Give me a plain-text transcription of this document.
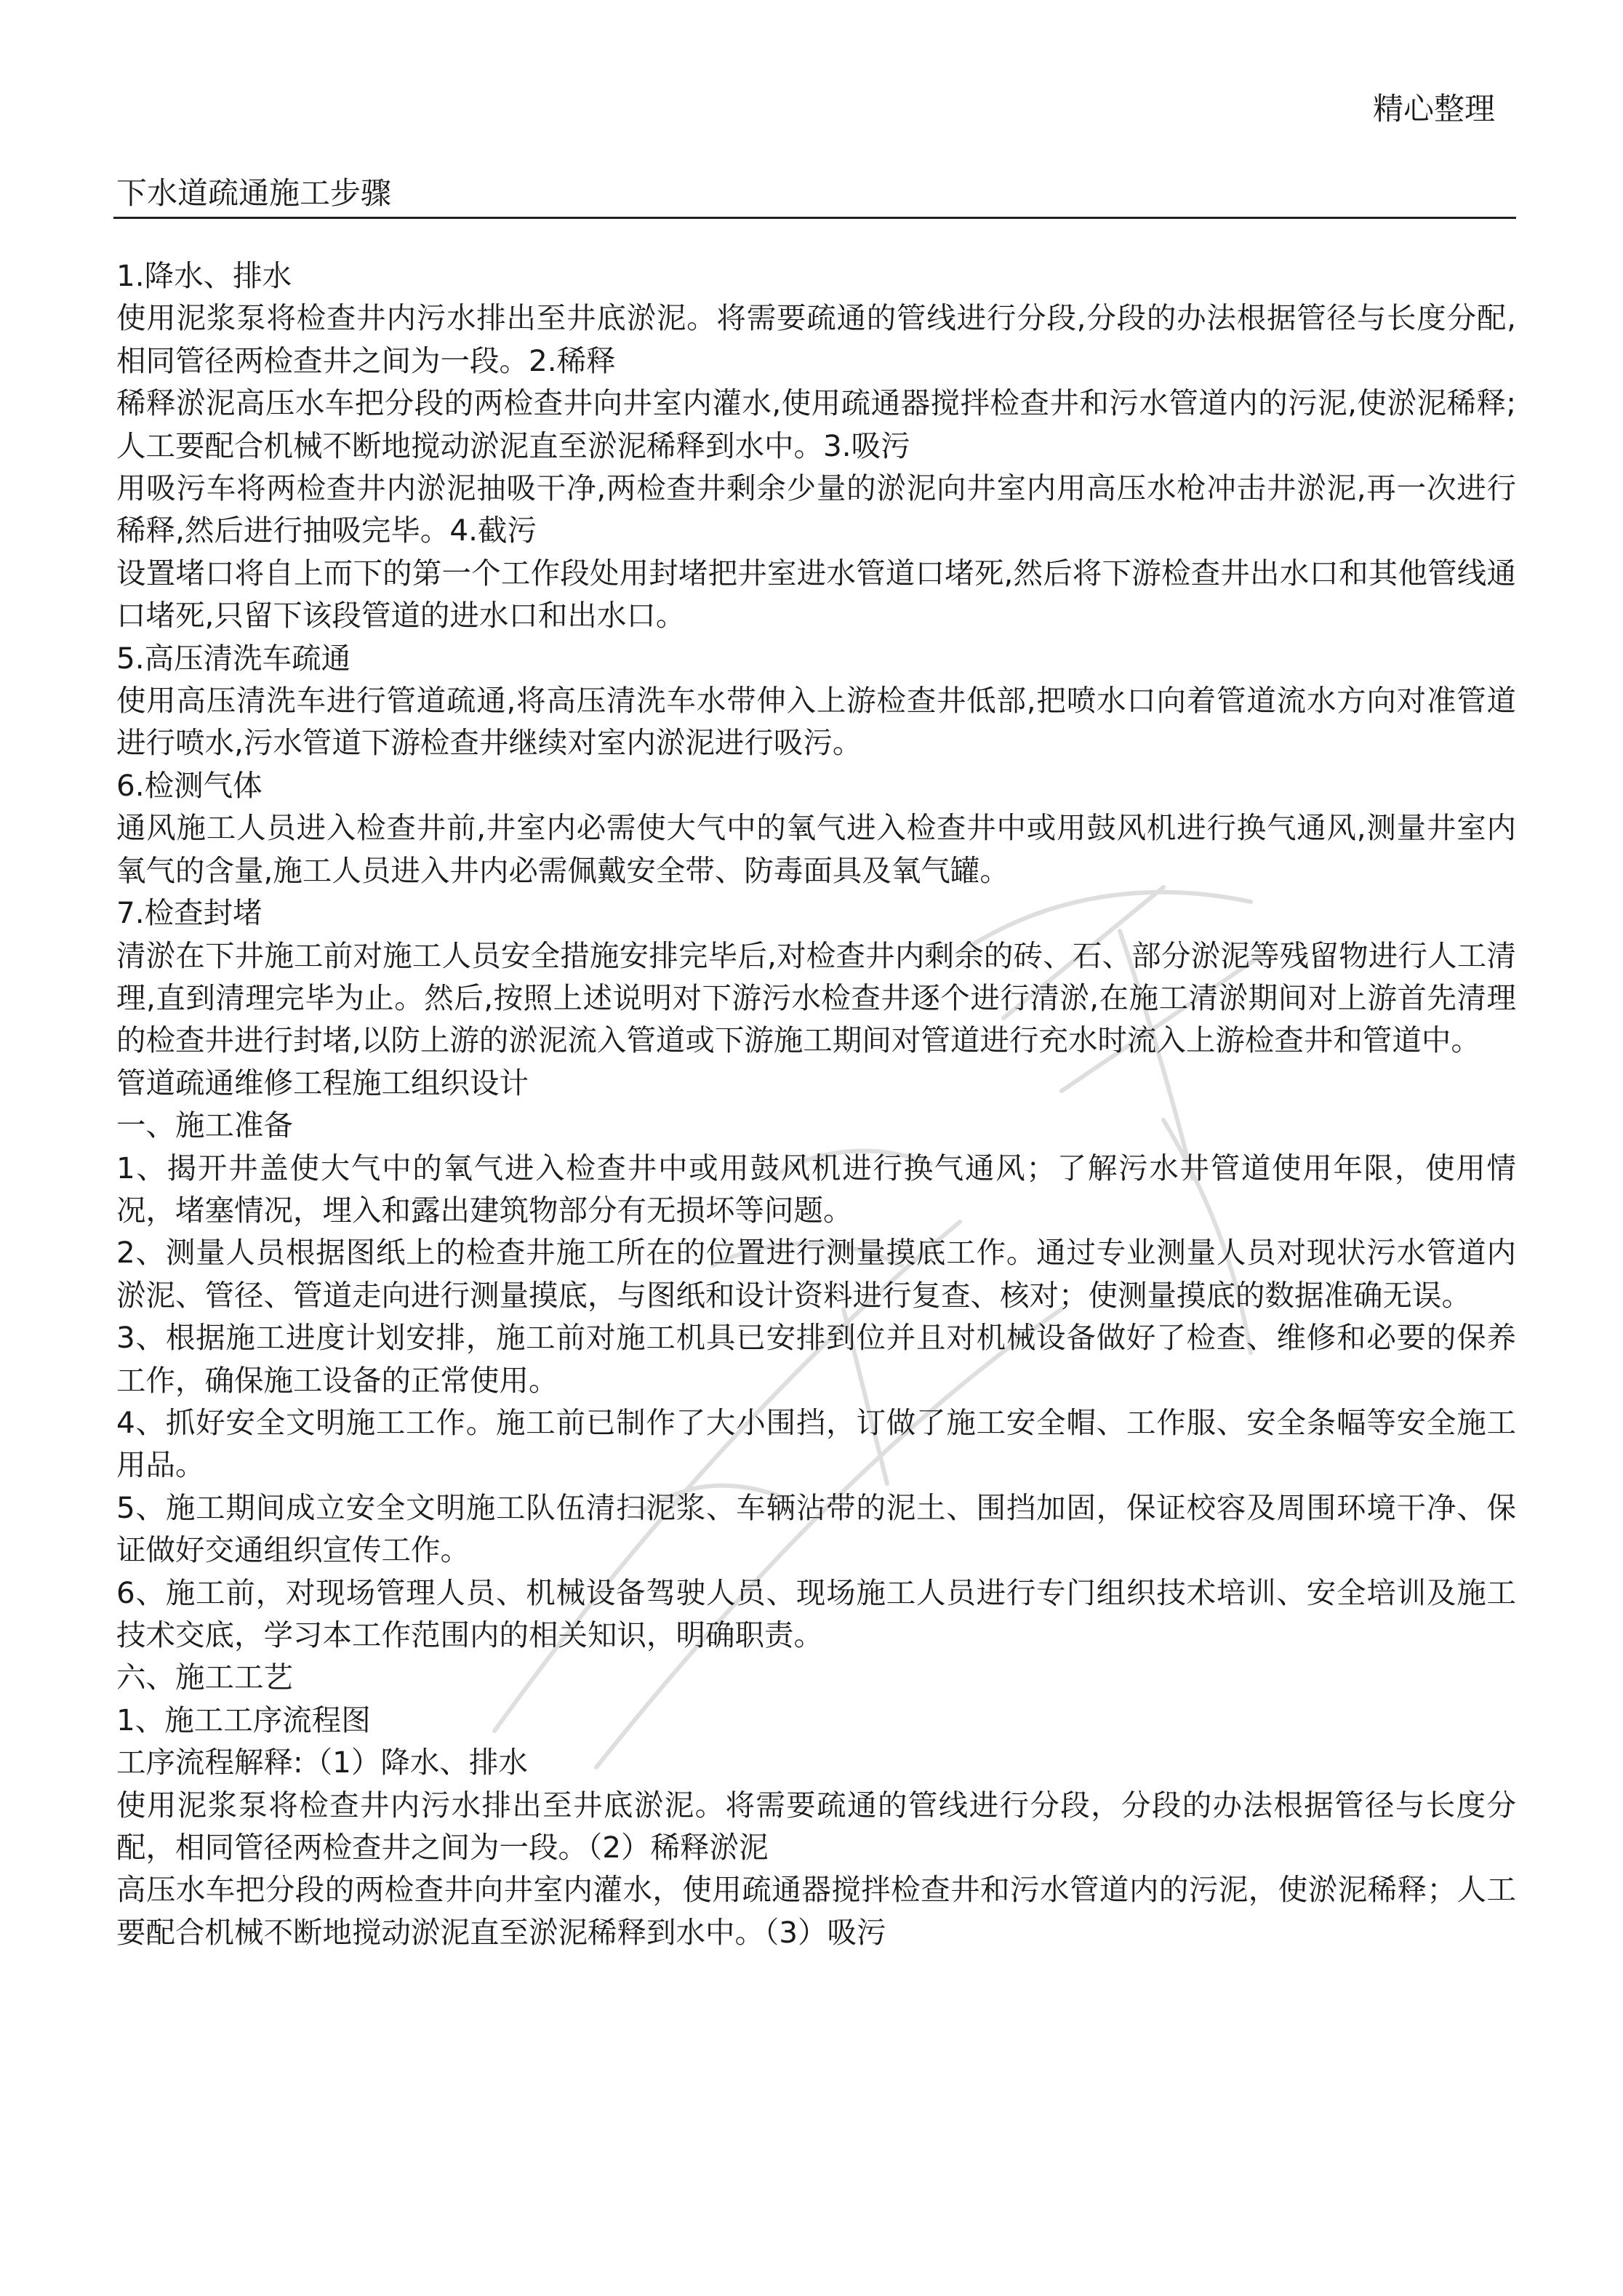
精心整理
下水道疏通施工步骤

1.降水、排水

使用泥浆泵将检查井内污水排出至井底淤泥。将需要疏通的管线进行分段,分段的办法根据管径与长度分配,相同管径两检查井之间为一段。2.稀释

稀释淤泥高压水车把分段的两检查井向井室内灌水,使用疏通器搅拌检查井和污水管道内的污泥,使淤泥稀释;人工要配合机械不断地搅动淤泥直至淤泥稀释到水中。3.吸污

用吸污车将两检查井内淤泥抽吸干净,两检查井剩余少量的淤泥向井室内用高压水枪冲击井淤泥,再一次进行稀释,然后进行抽吸完毕。4.截污

设置堵口将自上而下的第一个工作段处用封堵把井室进水管道口堵死,然后将下游检查井出水口和其他管线通口堵死,只留下该段管道的进水口和出水口。

5.高压清洗车疏通

使用高压清洗车进行管道疏通,将高压清洗车水带伸入上游检查井低部,把喷水口向着管道流水方向对准管道进行喷水,污水管道下游检查井继续对室内淤泥进行吸污。

6.检测气体

通风施工人员进入检查井前,井室内必需使大气中的氧气进入检查井中或用鼓风机进行换气通风,测量井室内氧气的含量,施工人员进入井内必需佩戴安全带、防毒面具及氧气罐。

7.检查封堵

清淤在下井施工前对施工人员安全措施安排完毕后,对检查井内剩余的砖、石、部分淤泥等残留物进行人工清理,直到清理完毕为止。然后,按照上述说明对下游污水检查井逐个进行清淤,在施工清淤期间对上游首先清理的检查井进行封堵,以防上游的淤泥流入管道或下游施工期间对管道进行充水时流入上游检查井和管道中。

管道疏通维修工程施工组织设计

一、施工准备

1、揭开井盖使大气中的氧气进入检查井中或用鼓风机进行换气通风；了解污水井管道使用年限，使用情况，堵塞情况，埋入和露出建筑物部分有无损坏等问题。

2、测量人员根据图纸上的检查井施工所在的位置进行测量摸底工作。通过专业测量人员对现状污水管道内淤泥、管径、管道走向进行测量摸底，与图纸和设计资料进行复查、核对；使测量摸底的数据准确无误。

3、根据施工进度计划安排，施工前对施工机具已安排到位并且对机械设备做好了检查、维修和必要的保养工作，确保施工设备的正常使用。

4、抓好安全文明施工工作。施工前已制作了大小围挡，订做了施工安全帽、工作服、安全条幅等安全施工用品。

5、施工期间成立安全文明施工队伍清扫泥浆、车辆沾带的泥土、围挡加固，保证校容及周围环境干净、保证做好交通组织宣传工作。

6、施工前，对现场管理人员、机械设备驾驶人员、现场施工人员进行专门组织技术培训、安全培训及施工技术交底，学习本工作范围内的相关知识，明确职责。

六、施工工艺

1、施工工序流程图

工序流程解释:（1）降水、排水

使用泥浆泵将检查井内污水排出至井底淤泥。将需要疏通的管线进行分段，分段的办法根据管径与长度分配，相同管径两检查井之间为一段。（2）稀释淤泥

高压水车把分段的两检查井向井室内灌水，使用疏通器搅拌检查井和污水管道内的污泥，使淤泥稀释；人工要配合机械不断地搅动淤泥直至淤泥稀释到水中。（3）吸污
